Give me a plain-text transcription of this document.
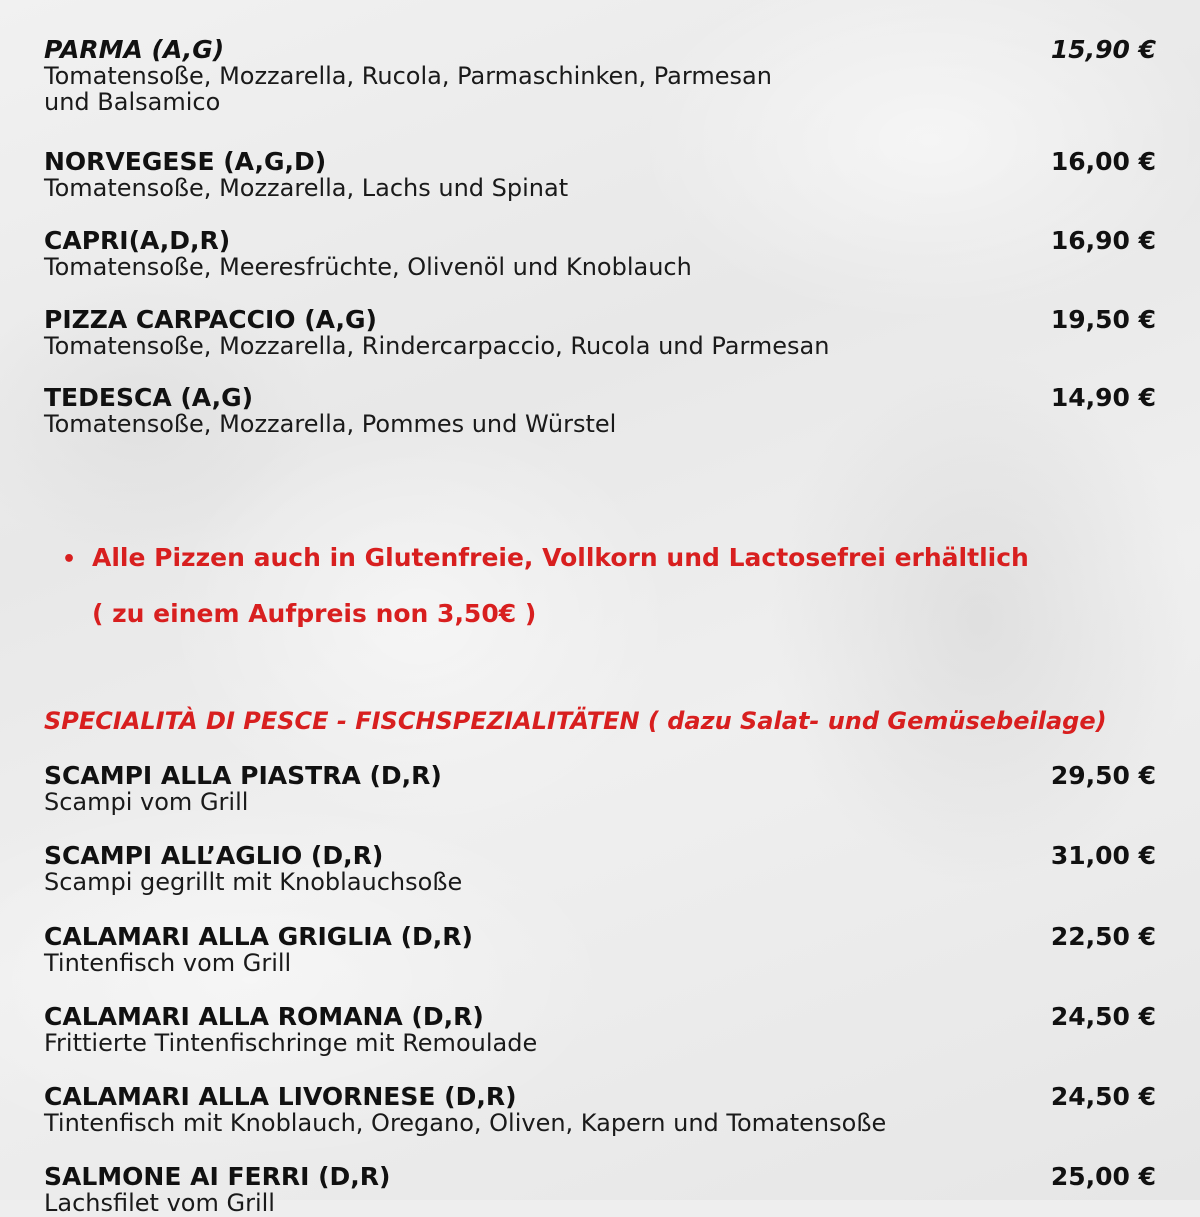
PARMA (A,G)
Tomatensoße, Mozzarella, Rucola, Parmaschinken, Parmesan
und Balsamico
15,90 €
NORVEGESE (A,G,D)
Tomatensoße, Mozzarella, Lachs und Spinat
16,00 €
CAPRI(A,D,R)
Tomatensoße, Meeresfrüchte, Olivenöl und Knoblauch
16,90 €
PIZZA CARPACCIO (A,G)
Tomatensoße, Mozzarella, Rindercarpaccio, Rucola und Parmesan
19,50 €
TEDESCA (A,G)
Tomatensoße, Mozzarella, Pommes und Würstel
14,90 €
• Alle Pizzen auch in Glutenfreie, Vollkorn und Lactosefrei erhältlich
( zu einem Aufpreis non 3,50€ )
SPECIALITÀ DI PESCE - FISCHSPEZIALITÄTEN ( dazu Salat- und Gemüsebeilage)
SCAMPI ALLA PIASTRA (D,R)
Scampi vom Grill
29,50 €
SCAMPI ALL’AGLIO (D,R)
Scampi gegrillt mit Knoblauchsoße
31,00 €
CALAMARI ALLA GRIGLIA (D,R)
Tintenfisch vom Grill
22,50 €
CALAMARI ALLA ROMANA (D,R)
Frittierte Tintenfischringe mit Remoulade
24,50 €
CALAMARI ALLA LIVORNESE (D,R)
Tintenfisch mit Knoblauch, Oregano, Oliven, Kapern und Tomatensoße
24,50 €
SALMONE AI FERRI (D,R)
Lachsfilet vom Grill
25,00 €
